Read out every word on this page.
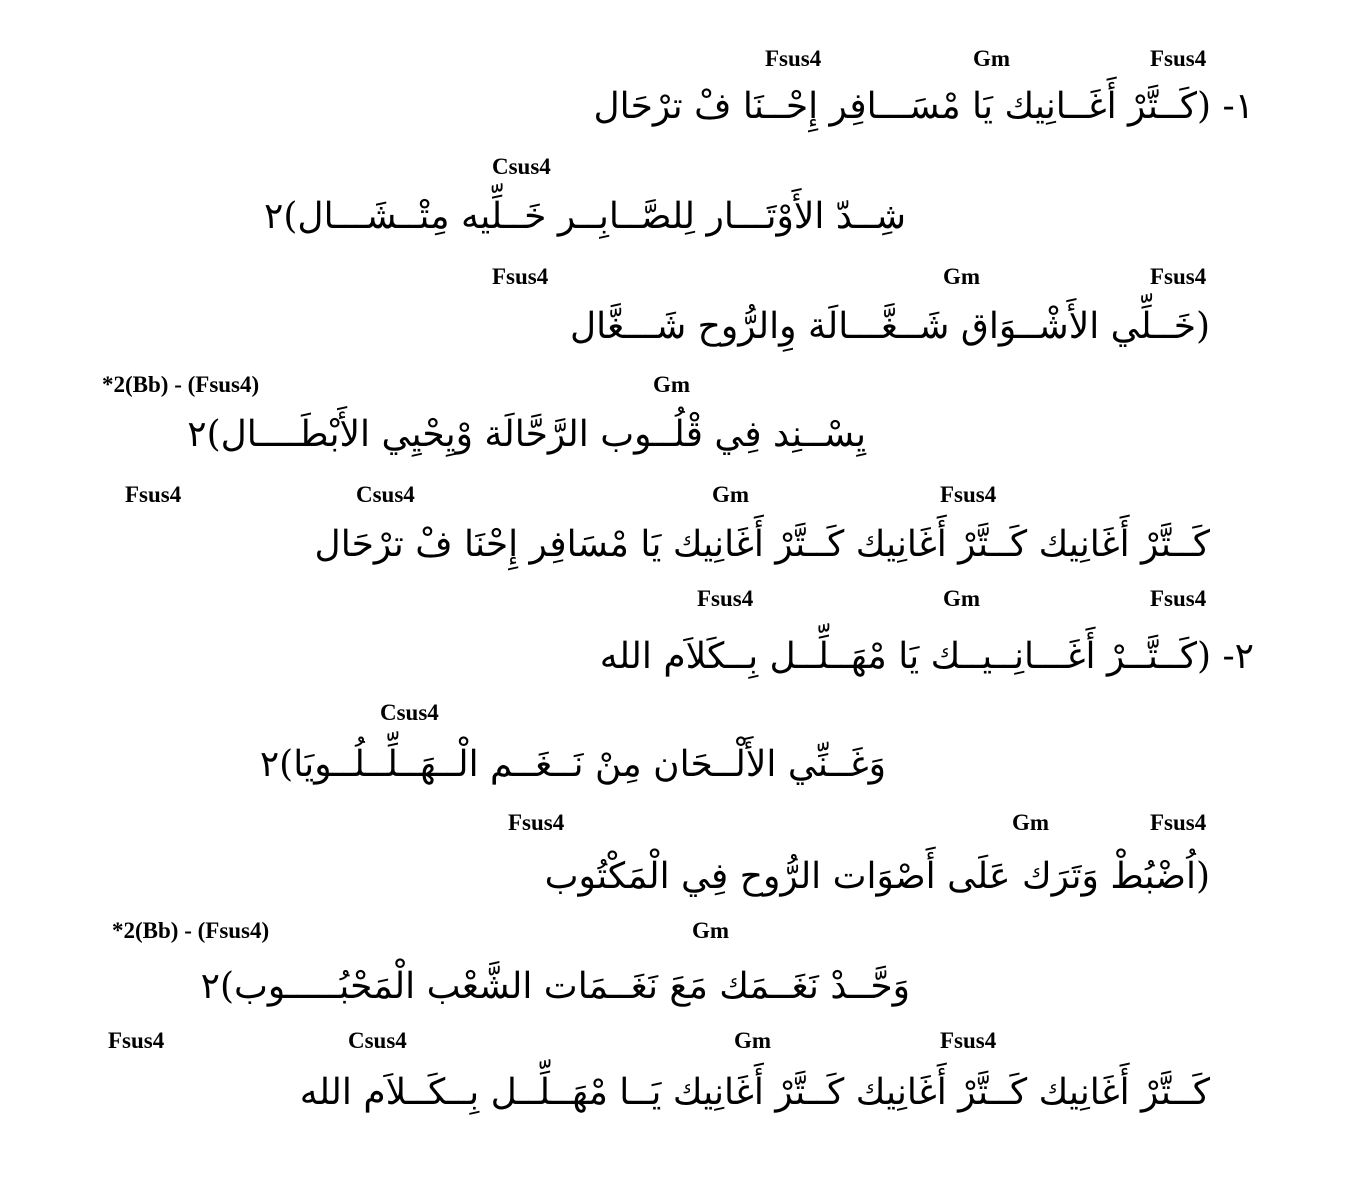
Fsus4	Gm	Fsus4
١- (كَــتَّرْ أَغَــانِيك يَا مْسَـــافِر إِحْــنَا فْ ترْحَال
Csus4
شِــدّ الأَوْتَـــار لِلصَّــابِــر خَــلِّيه مِتْــشَـــال)٢
Fsus4	Gm	Fsus4
(خَــلِّي الأَشْــوَاق شَــغَّـــالَة وِالرُّوح شَـــغَّال
*2(Bb) - (Fsus4)	Gm
يِسْــنِد فِي قْلُــوب الرَّحَّالَة وْيِحْيِي الأَبْطَــــال)٢
Fsus4	Csus4	Gm	Fsus4
كَــتَّرْ أَغَانِيك كَــتَّرْ أَغَانِيك كَــتَّرْ أَغَانِيك يَا مْسَافِر إِحْنَا فْ ترْحَال
Fsus4	Gm	Fsus4
٢- (كَــتَّــرْ أَغَـــانِــيــك يَا مْهَــلِّــل بِــكَلاَم الله
Csus4
وَغَــنِّي الأَلْــحَان مِنْ نَــغَــم الْــهَــلِّــلُــويَا)٢
Fsus4	Gm	Fsus4
(اُضْبُطْ وَتَرَك عَلَى أَصْوَات الرُّوح فِي الْمَكْتُوب
*2(Bb) - (Fsus4)	Gm
وَحَّــدْ نَغَــمَك مَعَ نَغَــمَات الشَّعْب الْمَحْبُـــــوب)٢
Fsus4	Csus4	Gm	Fsus4
كَــتَّرْ أَغَانِيك كَــتَّرْ أَغَانِيك كَــتَّرْ أَغَانِيك يَــا مْهَــلِّــل بِــكَــلاَم الله
